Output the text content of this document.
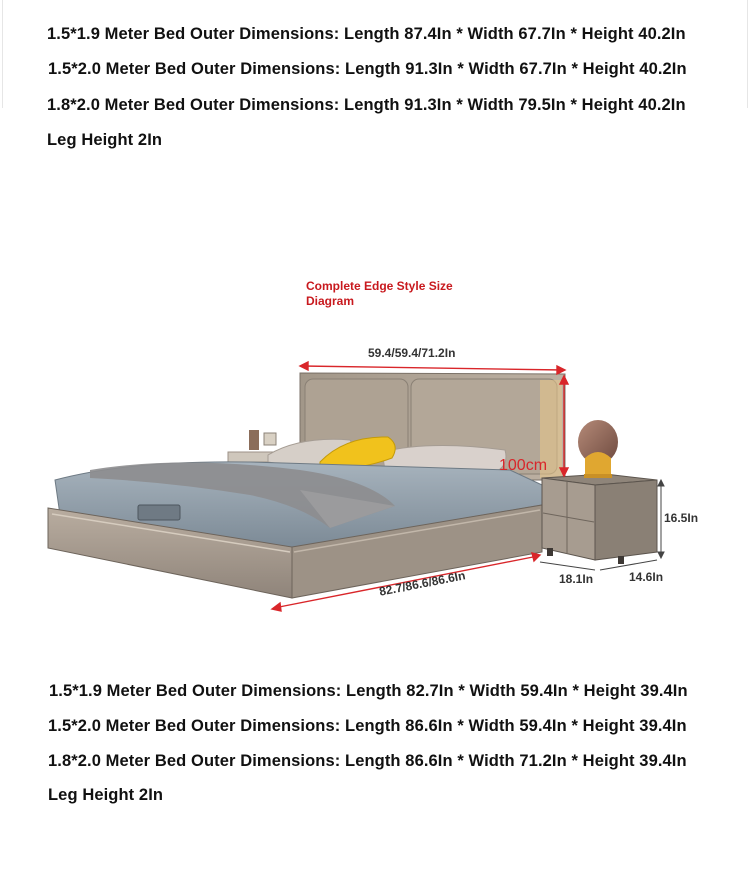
1.5*1.9 Meter Bed Outer Dimensions: Length 87.4In * Width 67.7In * Height 40.2In
1.5*2.0 Meter Bed Outer Dimensions: Length 91.3In * Width 67.7In * Height 40.2In
1.8*2.0 Meter Bed Outer Dimensions: Length 91.3In * Width 79.5In * Height 40.2In
Leg Height 2In
Complete Edge Style Size Diagram
59.4/59.4/71.2In
100cm
82.7/86.6/86.6In
16.5In
18.1In	14.6In
1.5*1.9 Meter Bed Outer Dimensions: Length 82.7In * Width 59.4In * Height 39.4In
1.5*2.0 Meter Bed Outer Dimensions: Length 86.6In * Width 59.4In * Height 39.4In
1.8*2.0 Meter Bed Outer Dimensions: Length 86.6In * Width 71.2In * Height 39.4In
Leg Height 2In
